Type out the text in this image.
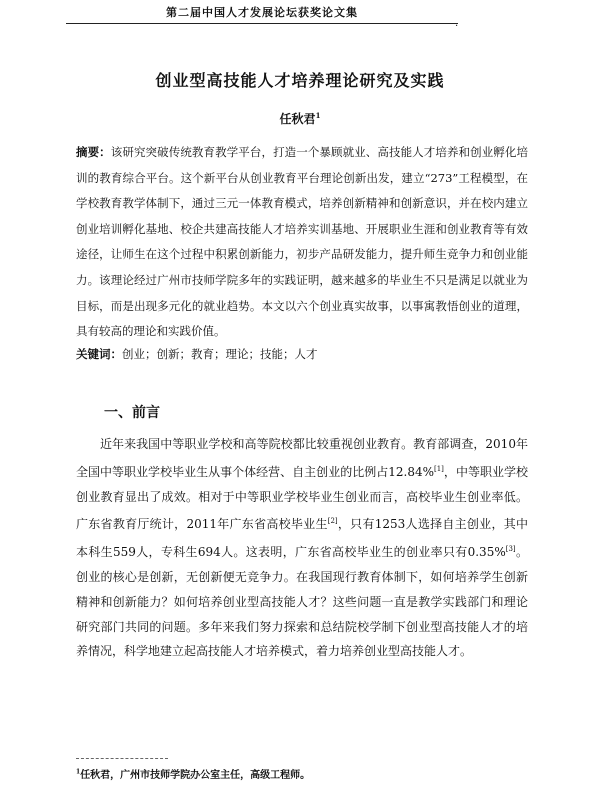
第二届中国人才发展论坛获奖论文集
.
创业型高技能人才培养理论研究及实践
任秋君$^1$
摘要：该研究突破传统教育教学平台，打造一个暴顾就业、高技能人才培养和创业孵化培训的教育综合平台。这个新平台从创业教育平台理论创新出发，建立“273”工程模型，在学校教育教学体制下，通过三元一体教育模式，培养创新精神和创新意识，并在校内建立创业培训孵化基地、校企共建高技能人才培养实训基地、开展职业生涯和创业教育等有效途径，让师生在这个过程中积累创新能力，初步产品研发能力，提升师生竞争力和创业能力。该理论经过广州市技师学院多年的实践证明，越来越多的毕业生不只是满足以就业为目标，而是出现多元化的就业趋势。本文以六个创业真实故事，以事寓教悟创业的道理，具有较高的理论和实践价值。
关键词：创业；创新；教育；理论；技能；人才
一、前言

近年来我国中等职业学校和高等院校都比较重视创业教育。教育部调查，2010年全国中等职业学校毕业生从事个体经营、自主创业的比例占12.84%[1]，中等职业学校创业教育显出了成效。相对于中等职业学校毕业生创业而言，高校毕业生创业率低。广东省教育厅统计，2011年广东省高校毕业生[2]，只有1253人选择自主创业，其中本科生559人，专科生694人。这表明，广东省高校毕业生的创业率只有0.35%[3]。创业的核心是创新，无创新便无竞争力。在我国现行教育体制下，如何培养学生创新精神和创新能力？如何培养创业型高技能人才？这些问题一直是教学实践部门和理论研究部门共同的问题。多年来我们努力探索和总结院校学制下创业型高技能人才的培养情况，科学地建立起高技能人才培养模式，着力培养创业型高技能人才。

$^1$任秋君，广州市技师学院办公室主任，高级工程师。
